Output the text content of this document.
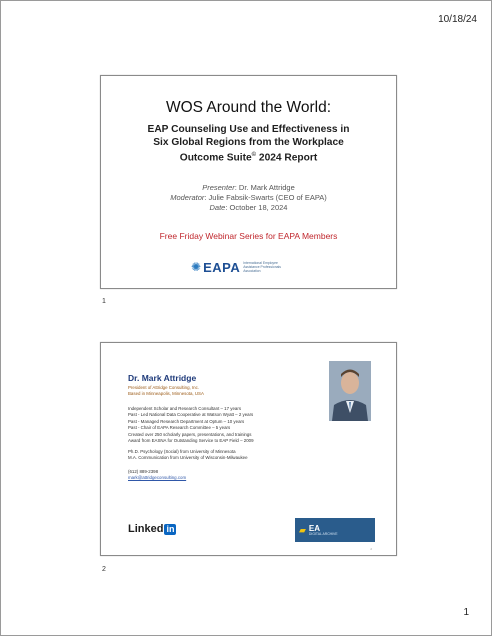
10/18/24
WOS Around the World:
EAP Counseling Use and Effectiveness in
Six Global Regions from the Workplace
Outcome Suite© 2024 Report
Presenter: Dr. Mark Attridge
Moderator: Julie Fabsik-Swarts (CEO of EAPA)
Date: October 18, 2024
Free Friday Webinar Series for EAPA Members
✺ EAPA International Employee Assistance Professionals Association
1
Dr. Mark Attridge
President of Attridge Consulting, Inc.
Based in Minneapolis, Minnesota, USA
Independent Scholar and Research Consultant – 17 years
Past - Led National Data Cooperative at Watson Wyatt – 2 years
Past - Managed Research Department at Optum – 10 years
Past - Chair of EAPA Research Committee – 5 years
Created over 250 scholarly papers, presentations, and trainings
Award from EASNA for Outstanding Service to EAP Field – 2009
Ph.D. Psychology (Social) from University of Minnesota
M.A. Communication from University of Wisconsin-Milwaukee
(612) 889-2398
mark@attridgeconsulting.com
Linked in	▰ EA
DIGITAL ARCHIVE
2
2
1
